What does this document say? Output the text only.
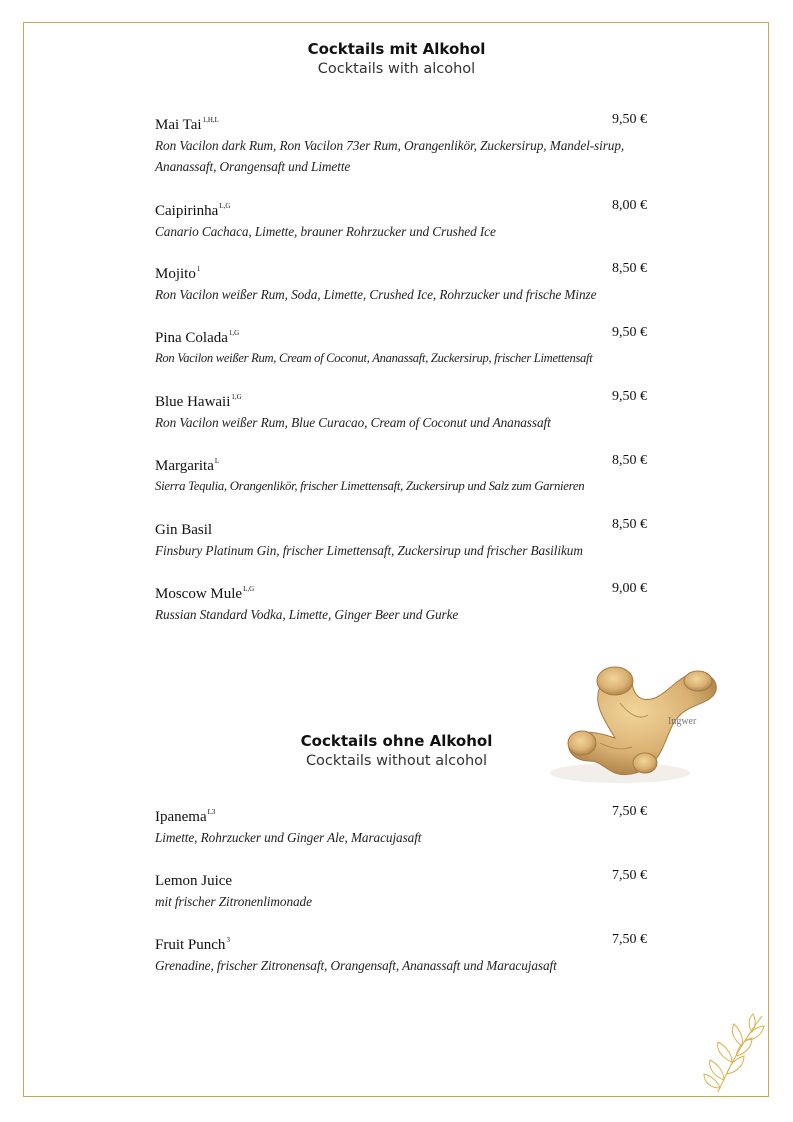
Cocktails mit Alkohol
Cocktails with alcohol
Mai Tai$^{1,H,L}$	9,50 €
Ron Vacilon dark Rum, Ron Vacilon 73er Rum, Orangenlikör, Zuckersirup, Mandel-sirup, Ananassaft, Orangensaft und Limette
Caipirinha$^{L,G}$	8,00 €
Canario Cachaca, Limette, brauner Rohrzucker und Crushed Ice
Mojito$^1$	8,50 €
Ron Vacilon weißer Rum, Soda, Limette, Crushed Ice, Rohrzucker und frische Minze
Pina Colada$^{1,G}$	9,50 €
Ron Vacilon weißer Rum, Cream of Coconut, Ananassaft, Zuckersirup, frischer Limettensaft
Blue Hawaii$^{1,G}$	9,50 €
Ron Vacilon weißer Rum, Blue Curacao, Cream of Coconut und Ananassaft
Margarita$^L$	8,50 €
Sierra Tequlia, Orangenlikör, frischer Limettensaft, Zuckersirup und Salz zum Garnieren
Gin Basil	8,50 €
Finsbury Platinum Gin, frischer Limettensaft, Zuckersirup und frischer Basilikum
Moscow Mule$^{L,G}$	9,00 €
Russian Standard Vodka, Limette, Ginger Beer und Gurke
Ingwer
Cocktails ohne Alkohol
Cocktails without alcohol
Ipanema$^{L3}$	7,50 €
Limette, Rohrzucker und Ginger Ale, Maracujasaft
Lemon Juice	7,50 €
mit frischer Zitronenlimonade
Fruit Punch$^3$	7,50 €
Grenadine, frischer Zitronensaft, Orangensaft, Ananassaft und Maracujasaft
